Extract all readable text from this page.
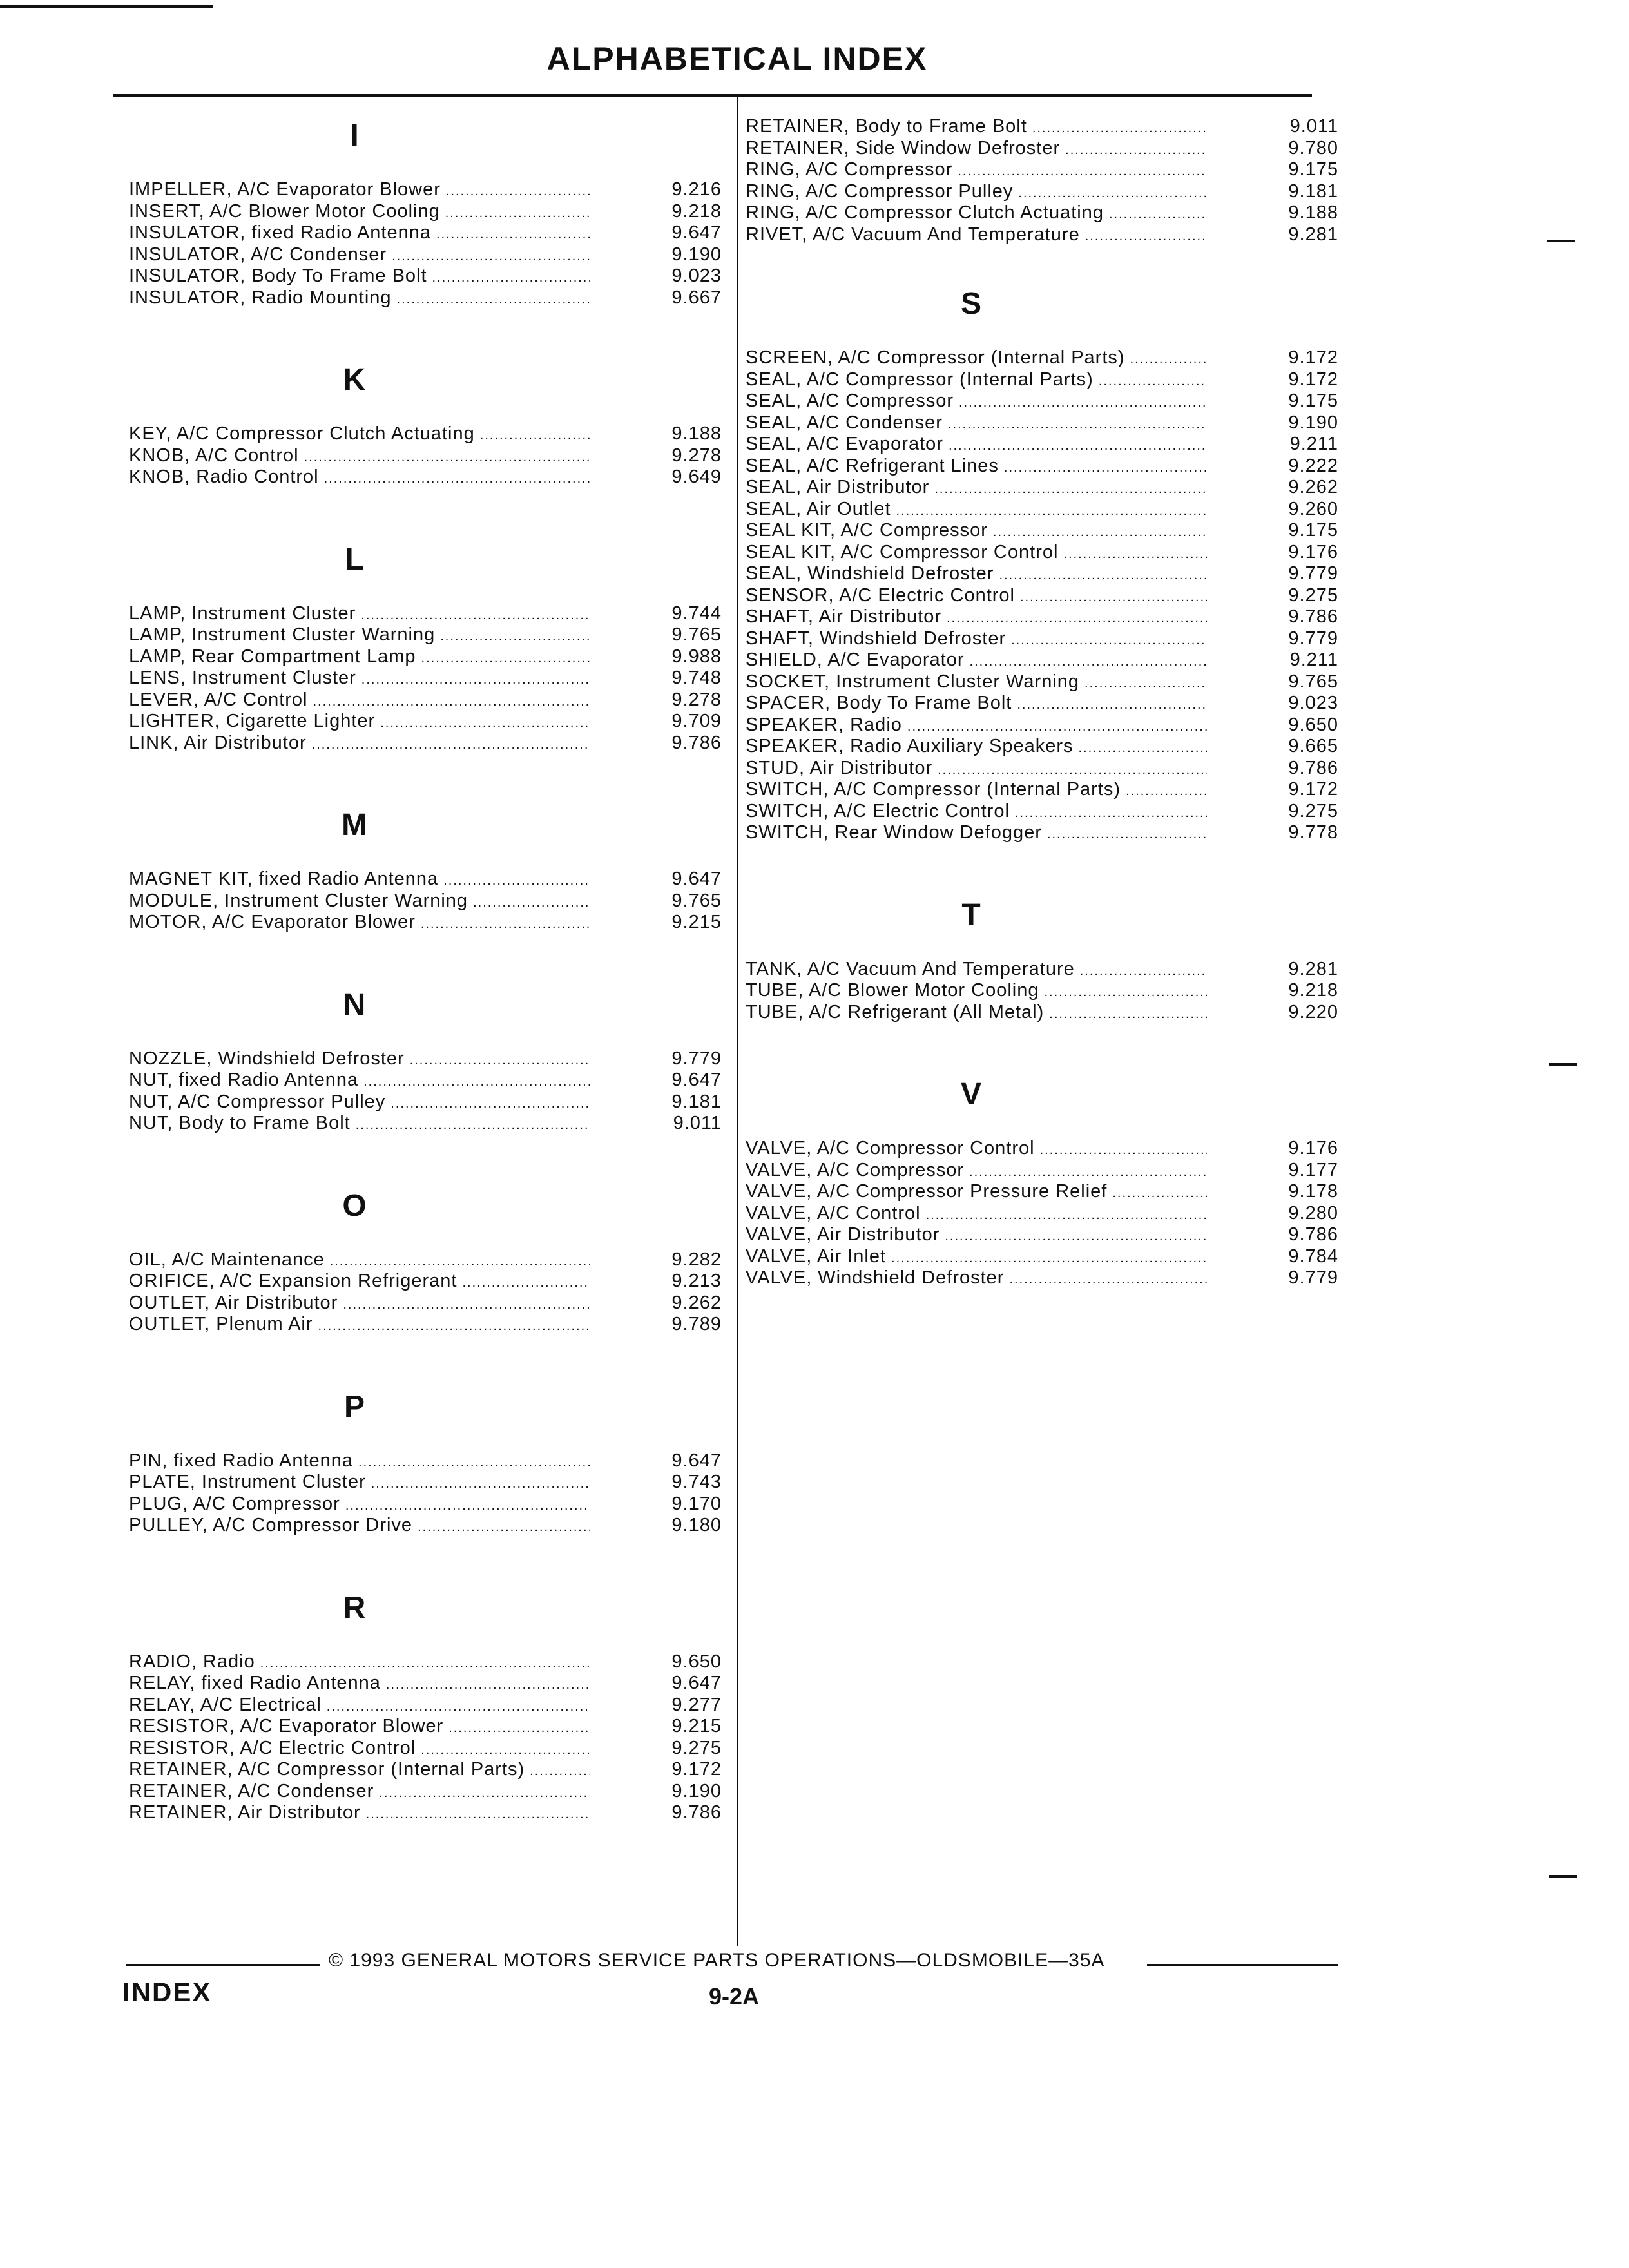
ALPHABETICAL INDEX
I
IMPELLER, A/C Evaporator Blower .....	9.216
INSERT, A/C Blower Motor Cooling .....	9.218
INSULATOR, fixed Radio Antenna .....	9.647
INSULATOR, A/C Condenser .....	9.190
INSULATOR, Body To Frame Bolt .....	9.023
INSULATOR, Radio Mounting .....	9.667
K
KEY, A/C Compressor Clutch Actuating .....	9.188
KNOB, A/C Control .....	9.278
KNOB, Radio Control .....	9.649
L
LAMP, Instrument Cluster .....	9.744
LAMP, Instrument Cluster Warning .....	9.765
LAMP, Rear Compartment Lamp .....	9.988
LENS, Instrument Cluster .....	9.748
LEVER, A/C Control .....	9.278
LIGHTER, Cigarette Lighter .....	9.709
LINK, Air Distributor .....	9.786
M
MAGNET KIT, fixed Radio Antenna .....	9.647
MODULE, Instrument Cluster Warning .....	9.765
MOTOR, A/C Evaporator Blower .....	9.215
N
NOZZLE, Windshield Defroster .....	9.779
NUT, fixed Radio Antenna .....	9.647
NUT, A/C Compressor Pulley .....	9.181
NUT, Body to Frame Bolt .....	9.011
O
OIL, A/C Maintenance .....	9.282
ORIFICE, A/C Expansion Refrigerant .....	9.213
OUTLET, Air Distributor .....	9.262
OUTLET, Plenum Air .....	9.789
P
PIN, fixed Radio Antenna .....	9.647
PLATE, Instrument Cluster .....	9.743
PLUG, A/C Compressor .....	9.170
PULLEY, A/C Compressor Drive .....	9.180
R
RADIO, Radio .....	9.650
RELAY, fixed Radio Antenna .....	9.647
RELAY, A/C Electrical .....	9.277
RESISTOR, A/C Evaporator Blower .....	9.215
RESISTOR, A/C Electric Control .....	9.275
RETAINER, A/C Compressor (Internal Parts) .....	9.172
RETAINER, A/C Condenser .....	9.190
RETAINER, Air Distributor .....	9.786
RETAINER, Body to Frame Bolt .....	9.011
RETAINER, Side Window Defroster .....	9.780
RING, A/C Compressor .....	9.175
RING, A/C Compressor Pulley .....	9.181
RING, A/C Compressor Clutch Actuating .....	9.188
RIVET, A/C Vacuum And Temperature .....	9.281
S
SCREEN, A/C Compressor (Internal Parts) .....	9.172
SEAL, A/C Compressor (Internal Parts) .....	9.172
SEAL, A/C Compressor .....	9.175
SEAL, A/C Condenser .....	9.190
SEAL, A/C Evaporator .....	9.211
SEAL, A/C Refrigerant Lines .....	9.222
SEAL, Air Distributor .....	9.262
SEAL, Air Outlet .....	9.260
SEAL KIT, A/C Compressor .....	9.175
SEAL KIT, A/C Compressor Control .....	9.176
SEAL, Windshield Defroster .....	9.779
SENSOR, A/C Electric Control .....	9.275
SHAFT, Air Distributor .....	9.786
SHAFT, Windshield Defroster .....	9.779
SHIELD, A/C Evaporator .....	9.211
SOCKET, Instrument Cluster Warning .....	9.765
SPACER, Body To Frame Bolt .....	9.023
SPEAKER, Radio .....	9.650
SPEAKER, Radio Auxiliary Speakers .....	9.665
STUD, Air Distributor .....	9.786
SWITCH, A/C Compressor (Internal Parts) .....	9.172
SWITCH, A/C Electric Control .....	9.275
SWITCH, Rear Window Defogger .....	9.778
T
TANK, A/C Vacuum And Temperature .....	9.281
TUBE, A/C Blower Motor Cooling .....	9.218
TUBE, A/C Refrigerant (All Metal) .....	9.220
V
VALVE, A/C Compressor Control .....	9.176
VALVE, A/C Compressor .....	9.177
VALVE, A/C Compressor Pressure Relief .....	9.178
VALVE, A/C Control .....	9.280
VALVE, Air Distributor .....	9.786
VALVE, Air Inlet .....	9.784
VALVE, Windshield Defroster .....	9.779
© 1993 GENERAL MOTORS SERVICE PARTS OPERATIONS—OLDSMOBILE—35A
INDEX	9-2A
